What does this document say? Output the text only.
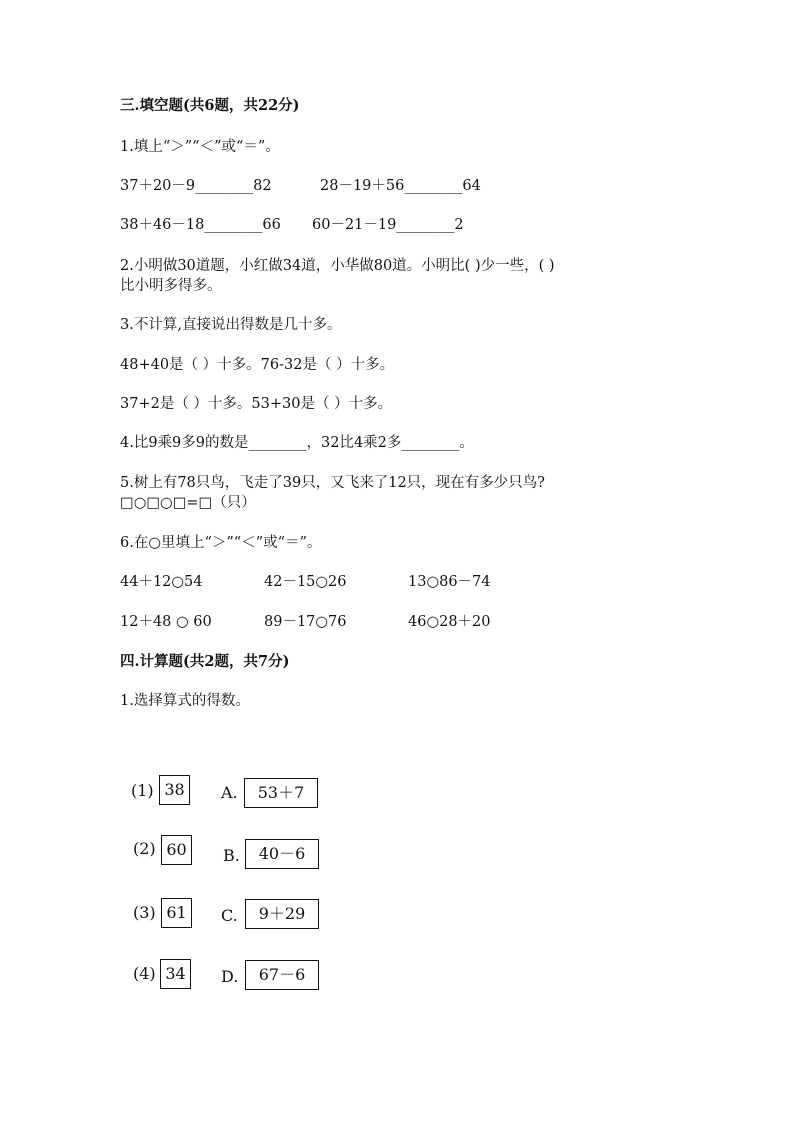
三.填空题(共6题，共22分)
1.填上“＞”“＜”或“＝”。
37＋20－9________82	28－19＋56________64
38＋46－18________66 60－21－19________2
2.小明做30道题，小红做34道，小华做80道。小明比( )少一些，( )
比小明多得多。
3.不计算,直接说出得数是几十多。
48+40是（ ）十多。76-32是（ ）十多。
37+2是（ ）十多。53+30是（ ）十多。
4.比9乘9多9的数是________，32比4乘2多________。
5.树上有78只鸟，飞走了39只，又飞来了12只，现在有多少只鸟?
□○□○□=□（只）
6.在○里填上“＞”“＜”或“＝”。
44＋12○54	42－15○26	13○86－74
12＋48 ○ 60	89－17○76	46○28＋20
四.计算题(共2题，共7分)
1.选择算式的得数。
(1) 38	A.	53＋7
(2) 60	B.	40－6
(3) 61	C.	9＋29
(4) 34	D.	67－6
